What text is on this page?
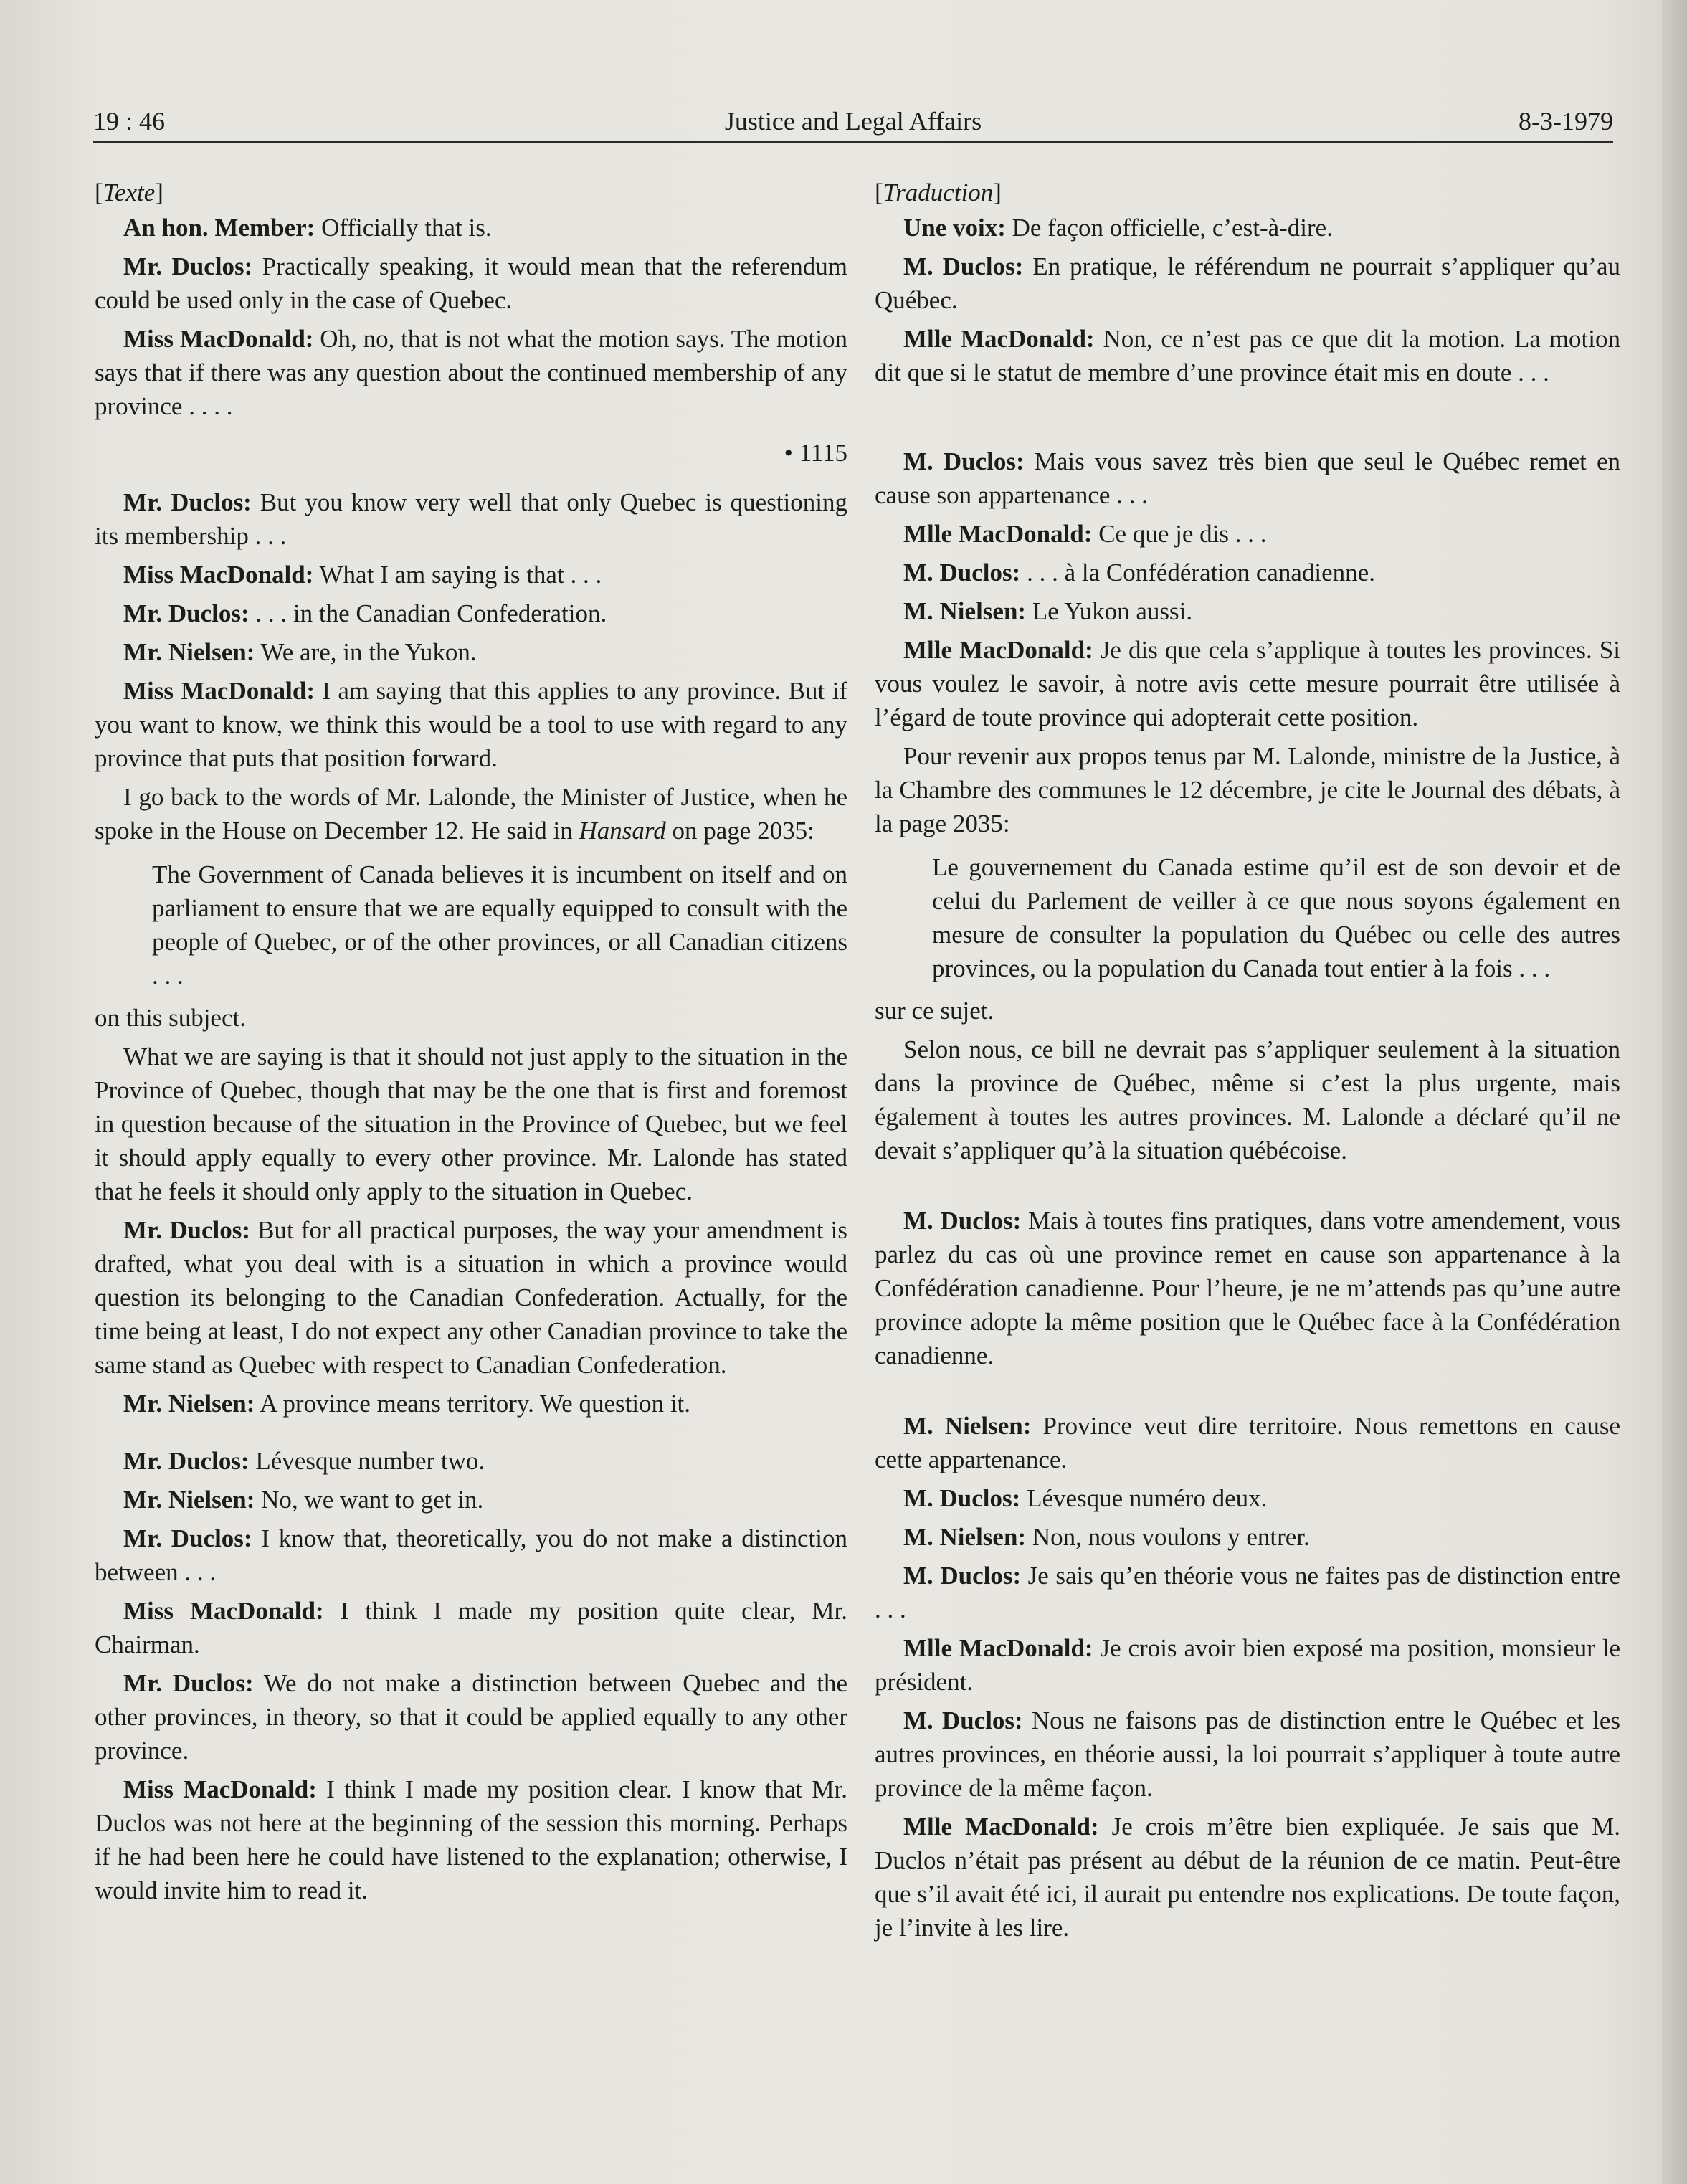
19 : 46	Justice and Legal Affairs	8-3-1979

[Texte]

An hon. Member: Officially that is.

Mr. Duclos: Practically speaking, it would mean that the referendum could be used only in the case of Quebec.

Miss MacDonald: Oh, no, that is not what the motion says. The motion says that if there was any question about the continued membership of any province . . . .

• 1115

Mr. Duclos: But you know very well that only Quebec is questioning its membership . . .

Miss MacDonald: What I am saying is that . . .

Mr. Duclos: . . . in the Canadian Confederation.

Mr. Nielsen: We are, in the Yukon.

Miss MacDonald: I am saying that this applies to any province. But if you want to know, we think this would be a tool to use with regard to any province that puts that position forward.

I go back to the words of Mr. Lalonde, the Minister of Justice, when he spoke in the House on December 12. He said in Hansard on page 2035:

The Government of Canada believes it is incumbent on itself and on parliament to ensure that we are equally equipped to consult with the people of Quebec, or of the other provinces, or all Canadian citizens . . .

on this subject.

What we are saying is that it should not just apply to the situation in the Province of Quebec, though that may be the one that is first and foremost in question because of the situation in the Province of Quebec, but we feel it should apply equally to every other province. Mr. Lalonde has stated that he feels it should only apply to the situation in Quebec.

Mr. Duclos: But for all practical purposes, the way your amendment is drafted, what you deal with is a situation in which a province would question its belonging to the Canadian Confederation. Actually, for the time being at least, I do not expect any other Canadian province to take the same stand as Quebec with respect to Canadian Confederation.

Mr. Nielsen: A province means territory. We question it.

Mr. Duclos: Lévesque number two.

Mr. Nielsen: No, we want to get in.

Mr. Duclos: I know that, theoretically, you do not make a distinction between . . .

Miss MacDonald: I think I made my position quite clear, Mr. Chairman.

Mr. Duclos: We do not make a distinction between Quebec and the other provinces, in theory, so that it could be applied equally to any other province.

Miss MacDonald: I think I made my position clear. I know that Mr. Duclos was not here at the beginning of the session this morning. Perhaps if he had been here he could have listened to the explanation; otherwise, I would invite him to read it.

[Traduction]

Une voix: De façon officielle, c’est-à-dire.

M. Duclos: En pratique, le référendum ne pourrait s’appliquer qu’au Québec.

Mlle MacDonald: Non, ce n’est pas ce que dit la motion. La motion dit que si le statut de membre d’une province était mis en doute . . .

M. Duclos: Mais vous savez très bien que seul le Québec remet en cause son appartenance . . .

Mlle MacDonald: Ce que je dis . . .

M. Duclos: . . . à la Confédération canadienne.

M. Nielsen: Le Yukon aussi.

Mlle MacDonald: Je dis que cela s’applique à toutes les provinces. Si vous voulez le savoir, à notre avis cette mesure pourrait être utilisée à l’égard de toute province qui adopterait cette position.

Pour revenir aux propos tenus par M. Lalonde, ministre de la Justice, à la Chambre des communes le 12 décembre, je cite le Journal des débats, à la page 2035:

Le gouvernement du Canada estime qu’il est de son devoir et de celui du Parlement de veiller à ce que nous soyons également en mesure de consulter la population du Québec ou celle des autres provinces, ou la population du Canada tout entier à la fois . . .

sur ce sujet.

Selon nous, ce bill ne devrait pas s’appliquer seulement à la situation dans la province de Québec, même si c’est la plus urgente, mais également à toutes les autres provinces. M. Lalonde a déclaré qu’il ne devait s’appliquer qu’à la situation québécoise.

M. Duclos: Mais à toutes fins pratiques, dans votre amendement, vous parlez du cas où une province remet en cause son appartenance à la Confédération canadienne. Pour l’heure, je ne m’attends pas qu’une autre province adopte la même position que le Québec face à la Confédération canadienne.

M. Nielsen: Province veut dire territoire. Nous remettons en cause cette appartenance.

M. Duclos: Lévesque numéro deux.

M. Nielsen: Non, nous voulons y entrer.

M. Duclos: Je sais qu’en théorie vous ne faites pas de distinction entre . . .

Mlle MacDonald: Je crois avoir bien exposé ma position, monsieur le président.

M. Duclos: Nous ne faisons pas de distinction entre le Québec et les autres provinces, en théorie aussi, la loi pourrait s’appliquer à toute autre province de la même façon.

Mlle MacDonald: Je crois m’être bien expliquée. Je sais que M. Duclos n’était pas présent au début de la réunion de ce matin. Peut-être que s’il avait été ici, il aurait pu entendre nos explications. De toute façon, je l’invite à les lire.
